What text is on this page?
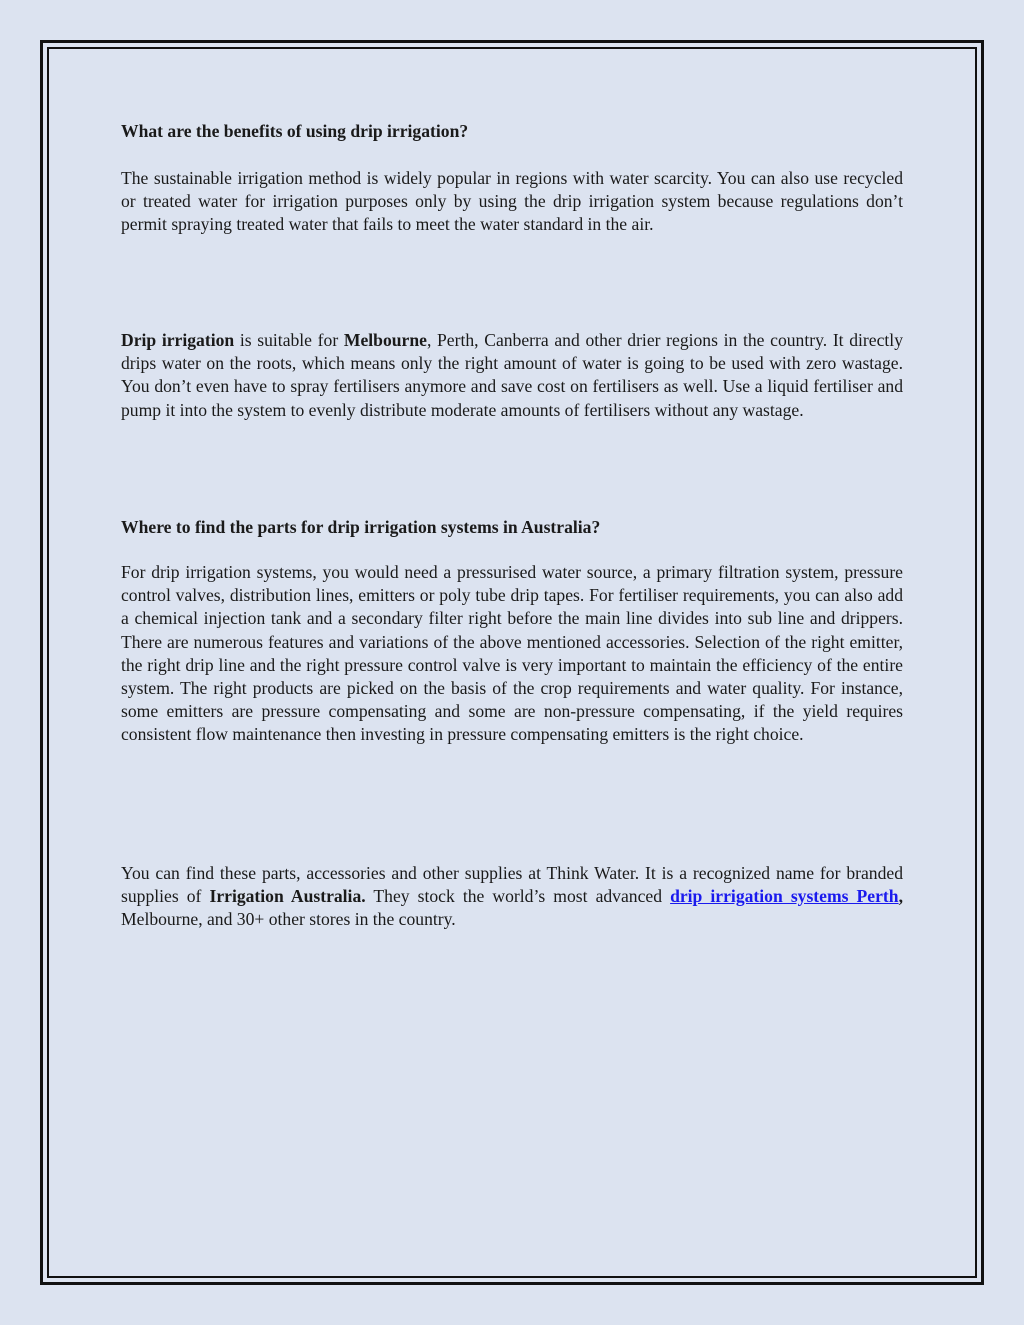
What are the benefits of using drip irrigation?

The sustainable irrigation method is widely popular in regions with water scarcity. You can also use recycled or treated water for irrigation purposes only by using the drip irrigation system because regulations don’t permit spraying treated water that fails to meet the water standard in the air.

Drip irrigation is suitable for Melbourne, Perth, Canberra and other drier regions in the country. It directly drips water on the roots, which means only the right amount of water is going to be used with zero wastage. You don’t even have to spray fertilisers anymore and save cost on fertilisers as well. Use a liquid fertiliser and pump it into the system to evenly distribute moderate amounts of fertilisers without any wastage.

Where to find the parts for drip irrigation systems in Australia?

For drip irrigation systems, you would need a pressurised water source, a primary filtration system, pressure control valves, distribution lines, emitters or poly tube drip tapes. For fertiliser requirements, you can also add a chemical injection tank and a secondary filter right before the main line divides into sub line and drippers. There are numerous features and variations of the above mentioned accessories. Selection of the right emitter, the right drip line and the right pressure control valve is very important to maintain the efficiency of the entire system. The right products are picked on the basis of the crop requirements and water quality. For instance, some emitters are pressure compensating and some are non-pressure compensating, if the yield requires consistent flow maintenance then investing in pressure compensating emitters is the right choice.

You can find these parts, accessories and other supplies at Think Water. It is a recognized name for branded supplies of Irrigation Australia. They stock the world’s most advanced drip irrigation systems Perth, Melbourne, and 30+ other stores in the country.
